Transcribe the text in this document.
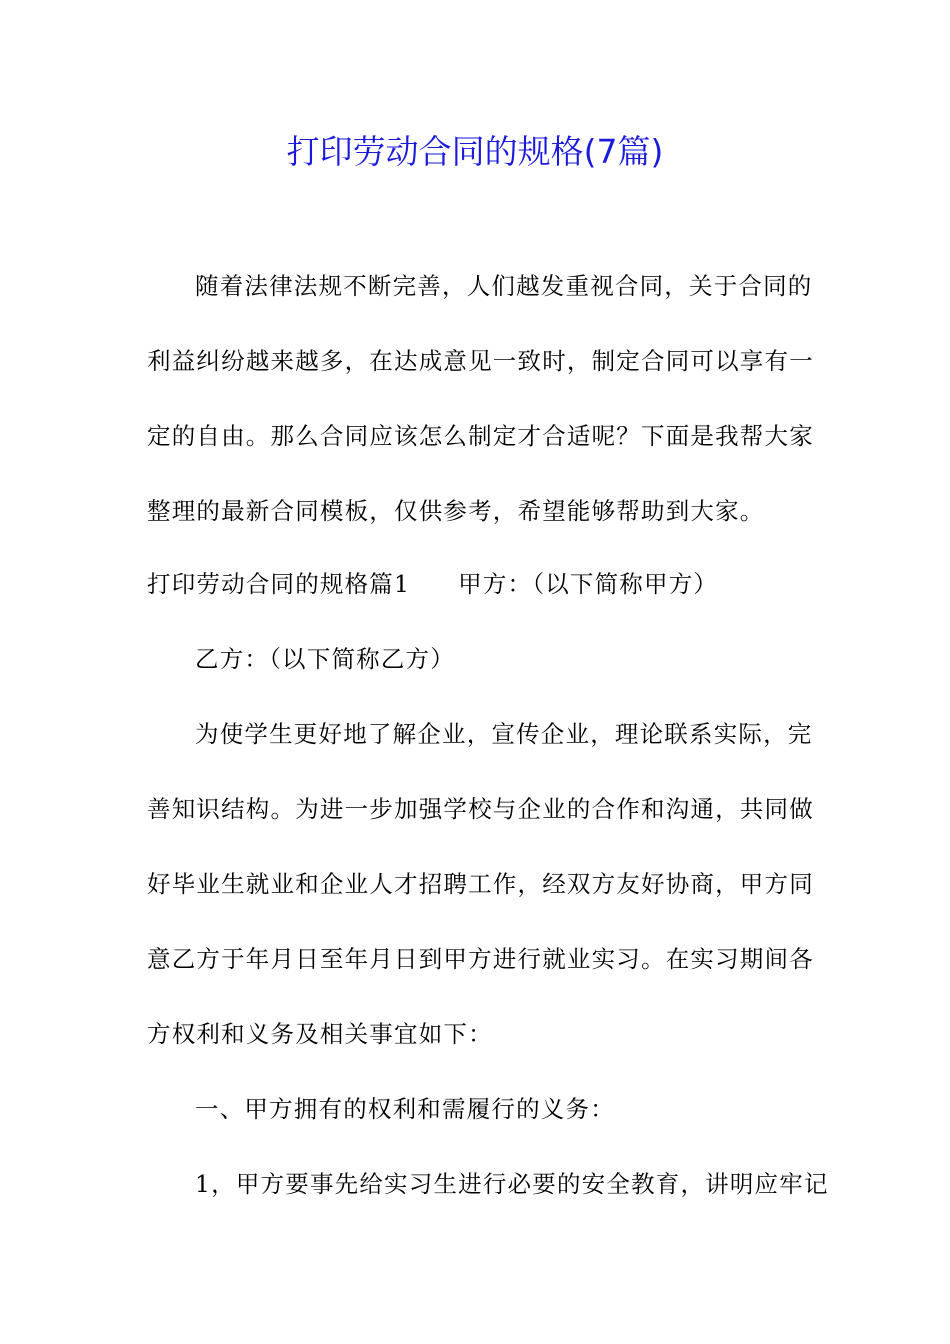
打印劳动合同的规格(7篇)
随着法律法规不断完善，人们越发重视合同，关于合同的
利益纠纷越来越多，在达成意见一致时，制定合同可以享有一
定的自由。那么合同应该怎么制定才合适呢？下面是我帮大家
整理的最新合同模板，仅供参考，希望能够帮助到大家。
打印劳动合同的规格篇1 甲方：（以下简称甲方）
乙方：（以下简称乙方）
为使学生更好地了解企业，宣传企业，理论联系实际，完
善知识结构。为进一步加强学校与企业的合作和沟通，共同做
好毕业生就业和企业人才招聘工作，经双方友好协商，甲方同
意乙方于年月日至年月日到甲方进行就业实习。在实习期间各
方权利和义务及相关事宜如下：
一、甲方拥有的权利和需履行的义务：
1，甲方要事先给实习生进行必要的安全教育，讲明应牢记
